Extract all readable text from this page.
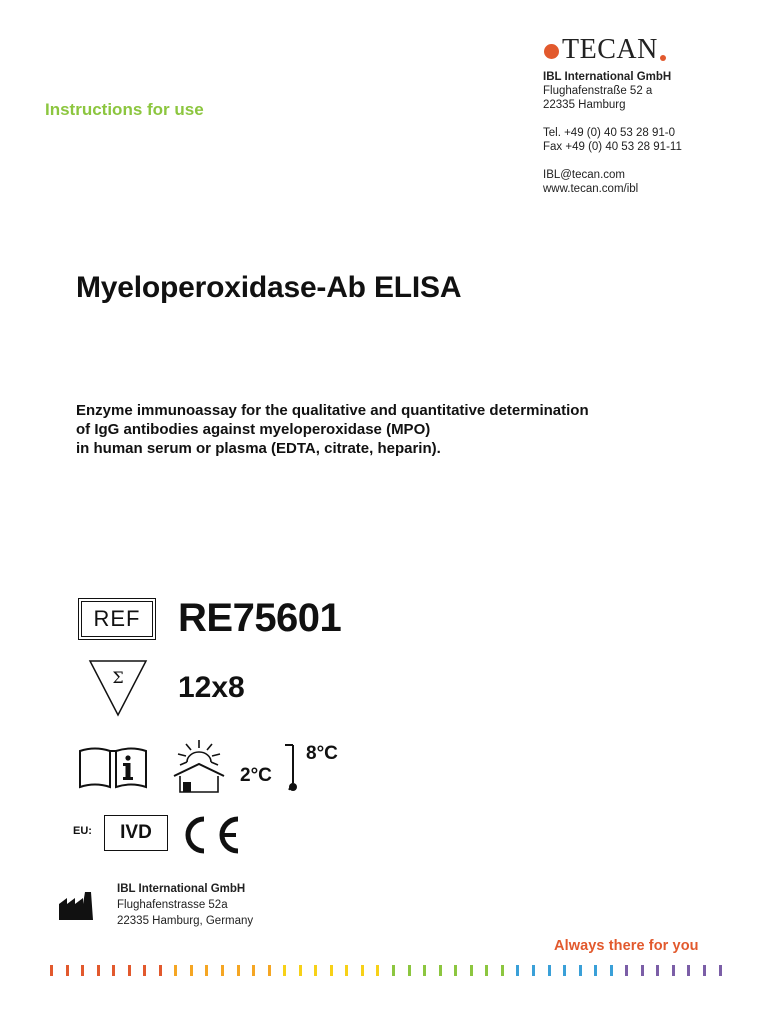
TECAN
IBL International GmbH
Flughafenstraße 52 a
22335 Hamburg
Tel. +49 (0) 40 53 28 91-0
Fax +49 (0) 40 53 28 91-11
IBL@tecan.com
www.tecan.com/ibl
Instructions for use
Myeloperoxidase-Ab ELISA
Enzyme immunoassay for the qualitative and quantitative determination
of IgG antibodies against myeloperoxidase (MPO)
in human serum or plasma (EDTA, citrate, heparin).
REF RE75601
Σ 12x8
2°C
8°C
EU: IVD
IBL International GmbH
Flughafenstrasse 52a
22335 Hamburg, Germany
Always there for you
